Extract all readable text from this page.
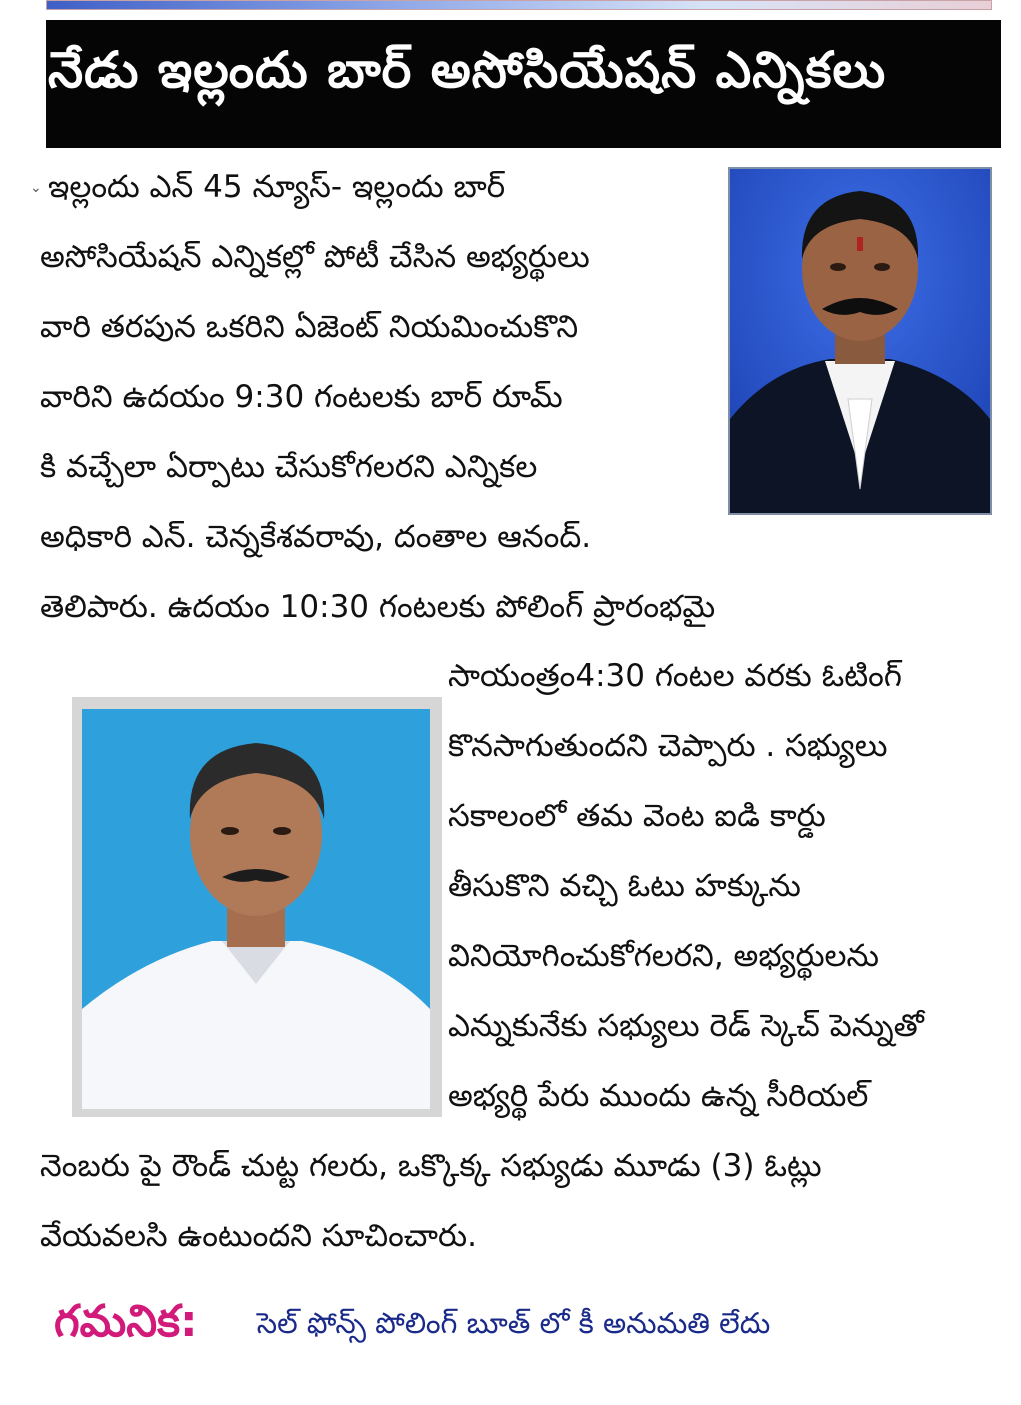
నేడు ఇల్లందు బార్ అసోసియేషన్ ఎన్నికలు
⌄ ఇల్లందు ఎన్ 45 న్యూస్- ఇల్లందు బార్
అసోసియేషన్ ఎన్నికల్లో పోటీ చేసిన అభ్యర్థులు
వారి తరపున ఒకరిని ఏజెంట్ నియమించుకొని
వారిని ఉదయం 9:30 గంటలకు బార్ రూమ్
కి వచ్చేలా ఏర్పాటు చేసుకోగలరని ఎన్నికల
అధికారి ఎన్. చెన్నకేశవరావు, దంతాల ఆనంద్.
తెలిపారు. ఉదయం 10:30 గంటలకు పోలింగ్ ప్రారంభమై
సాయంత్రం4:30 గంటల వరకు ఓటింగ్
కొనసాగుతుందని చెప్పారు . సభ్యులు
సకాలంలో తమ వెంట ఐడి కార్డు
తీసుకొని వచ్చి ఓటు హక్కును
వినియోగించుకోగలరని, అభ్యర్థులను
ఎన్నుకునేకు సభ్యులు రెడ్ స్కెచ్ పెన్నుతో
అభ్యర్థి పేరు ముందు ఉన్న సీరియల్
నెంబరు పై రౌండ్ చుట్ట గలరు, ఒక్కొక్క సభ్యుడు మూడు (3) ఓట్లు
వేయవలసి ఉంటుందని సూచించారు.
గమనిక: సెల్ ఫోన్స్ పోలింగ్ బూత్ లో కీ అనుమతి లేదు
